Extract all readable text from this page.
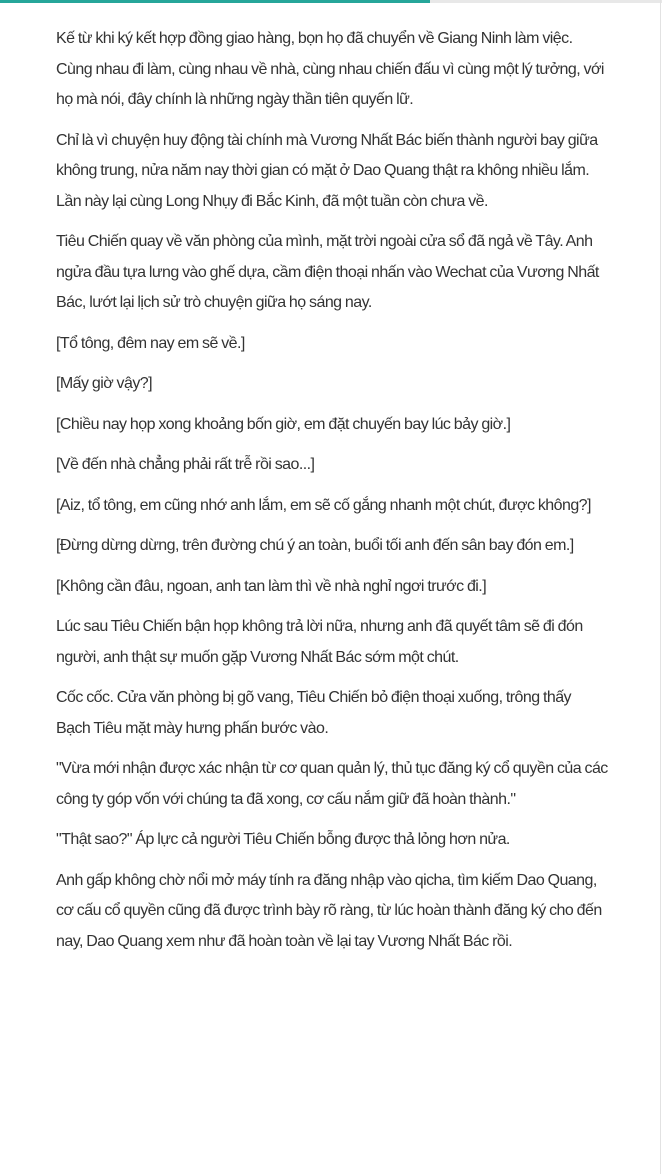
Kế từ khi ký kết hợp đồng giao hàng, bọn họ đã chuyển về Giang Ninh làm việc. Cùng nhau đi làm, cùng nhau về nhà, cùng nhau chiến đấu vì cùng một lý tưởng, với họ mà nói, đây chính là những ngày thần tiên quyến lữ.

Chỉ là vì chuyện huy động tài chính mà Vương Nhất Bác biến thành người bay giữa không trung, nửa năm nay thời gian có mặt ở Dao Quang thật ra không nhiều lắm. Lần này lại cùng Long Nhụy đi Bắc Kinh, đã một tuần còn chưa về.

Tiêu Chiến quay về văn phòng của mình, mặt trời ngoài cửa sổ đã ngả về Tây. Anh ngửa đầu tựa lưng vào ghế dựa, cầm điện thoại nhấn vào Wechat của Vương Nhất Bác, lướt lại lịch sử trò chuyện giữa họ sáng nay.

[Tổ tông, đêm nay em sẽ về.]

[Mấy giờ vậy?]

[Chiều nay họp xong khoảng bốn giờ, em đặt chuyến bay lúc bảy giờ.]

[Về đến nhà chẳng phải rất trễ rồi sao...]

[Aiz, tổ tông, em cũng nhớ anh lắm, em sẽ cố gắng nhanh một chút, được không?]

[Đừng dừng dừng, trên đường chú ý an toàn, buổi tối anh đến sân bay đón em.]

[Không cần đâu, ngoan, anh tan làm thì về nhà nghỉ ngơi trước đi.]

Lúc sau Tiêu Chiến bận họp không trả lời nữa, nhưng anh đã quyết tâm sẽ đi đón người, anh thật sự muốn gặp Vương Nhất Bác sớm một chút.

Cốc cốc. Cửa văn phòng bị gõ vang, Tiêu Chiến bỏ điện thoại xuống, trông thấy Bạch Tiêu mặt mày hưng phấn bước vào.

"Vừa mới nhận được xác nhận từ cơ quan quản lý, thủ tục đăng ký cổ quyền của các công ty góp vốn với chúng ta đã xong, cơ cấu nắm giữ đã hoàn thành."

"Thật sao?" Áp lực cả người Tiêu Chiến bỗng được thả lỏng hơn nửa.

Anh gấp không chờ nổi mở máy tính ra đăng nhập vào qicha, tìm kiếm Dao Quang, cơ cấu cổ quyền cũng đã được trình bày rõ ràng, từ lúc hoàn thành đăng ký cho đến nay, Dao Quang xem như đã hoàn toàn về lại tay Vương Nhất Bác rồi.
